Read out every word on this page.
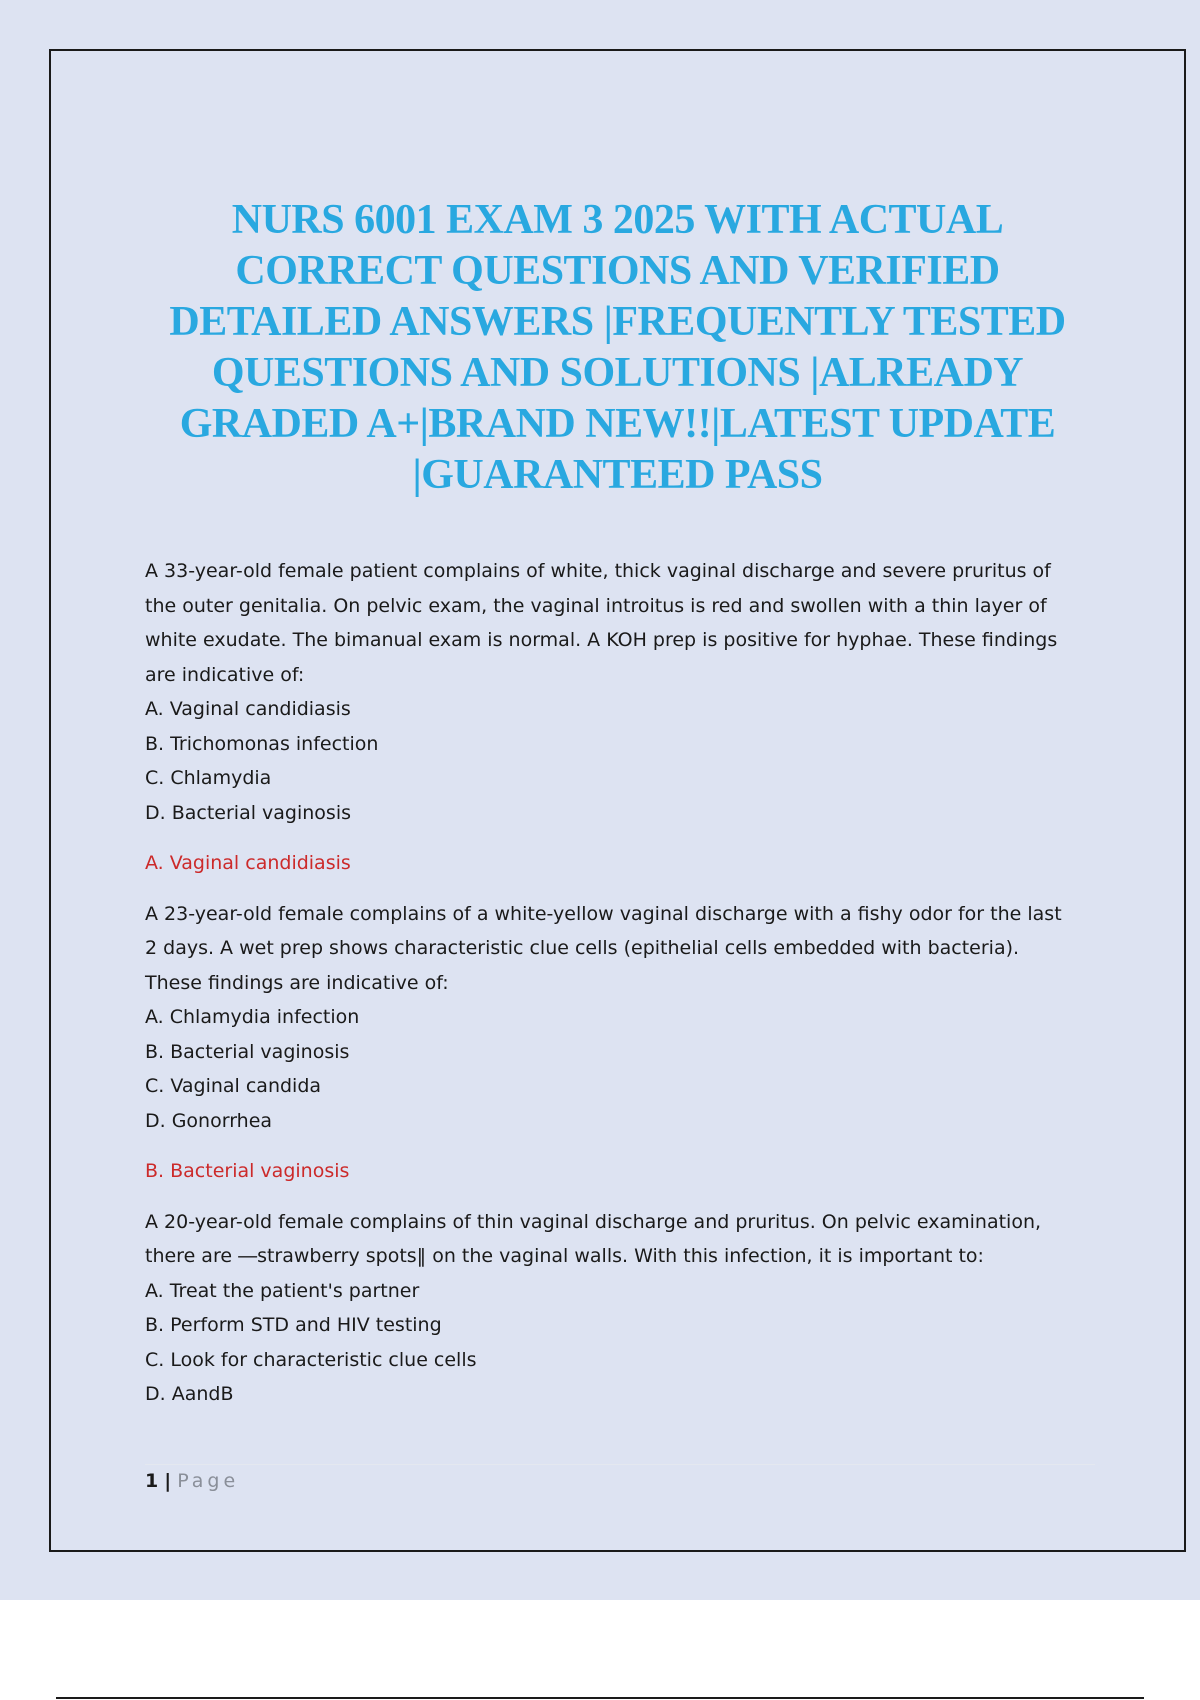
NURS 6001 EXAM 3 2025 WITH ACTUAL
CORRECT QUESTIONS AND VERIFIED
DETAILED ANSWERS |FREQUENTLY TESTED
QUESTIONS AND SOLUTIONS |ALREADY
GRADED A+|BRAND NEW!!|LATEST UPDATE
|GUARANTEED PASS
A 33-year-old female patient complains of white, thick vaginal discharge and severe pruritus of
the outer genitalia. On pelvic exam, the vaginal introitus is red and swollen with a thin layer of
white exudate. The bimanual exam is normal. A KOH prep is positive for hyphae. These findings
are indicative of:
A. Vaginal candidiasis
B. Trichomonas infection
C. Chlamydia
D. Bacterial vaginosis
A. Vaginal candidiasis
A 23-year-old female complains of a white-yellow vaginal discharge with a fishy odor for the last
2 days. A wet prep shows characteristic clue cells (epithelial cells embedded with bacteria).
These findings are indicative of:
A. Chlamydia infection
B. Bacterial vaginosis
C. Vaginal candida
D. Gonorrhea
B. Bacterial vaginosis
A 20-year-old female complains of thin vaginal discharge and pruritus. On pelvic examination,
there are ―strawberry spots‖ on the vaginal walls. With this infection, it is important to:
A. Treat the patient's partner
B. Perform STD and HIV testing
C. Look for characteristic clue cells
D. AandB
1 | Page
